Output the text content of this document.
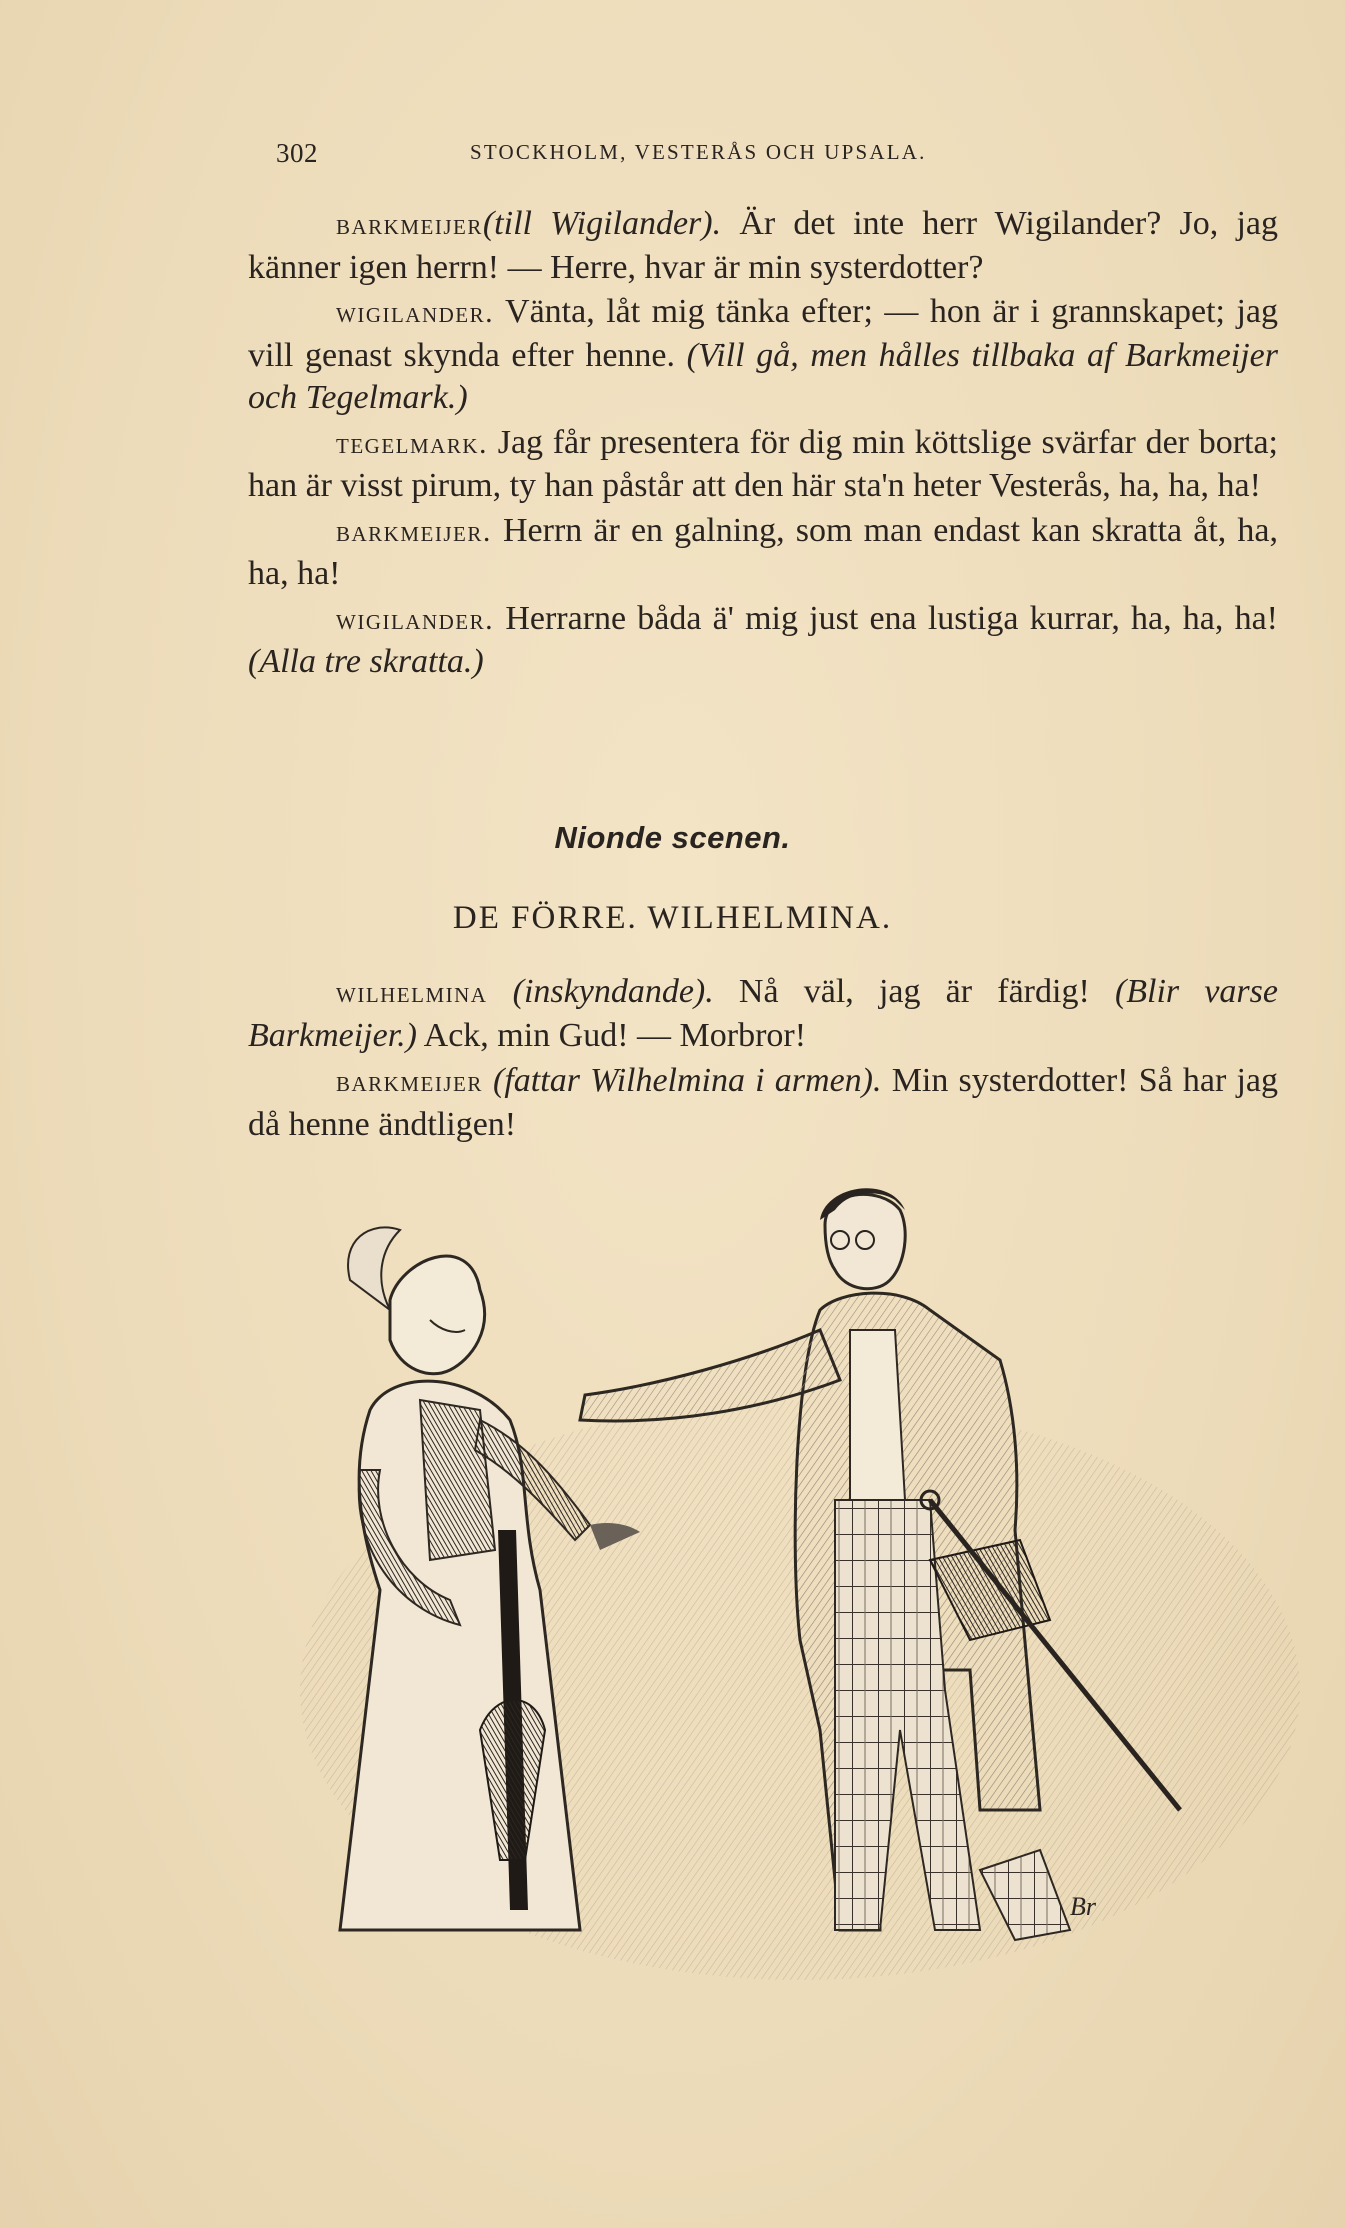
302	STOCKHOLM, VESTERÅS OCH UPSALA.
barkmeijer(till Wigilander). Är det inte herr Wigilander? Jo, jag känner igen herrn! — Herre, hvar är min systerdotter?
wigilander. Vänta, låt mig tänka efter; — hon är i grannskapet; jag vill genast skynda efter henne. (Vill gå, men hålles tillbaka af Barkmeijer och Tegelmark.)
tegelmark. Jag får presentera för dig min köttslige svärfar der borta; han är visst pirum, ty han påstår att den här sta'n heter Vesterås, ha, ha, ha!
barkmeijer. Herrn är en galning, som man endast kan skratta åt, ha, ha, ha!
wigilander. Herrarne båda ä' mig just ena lustiga kurrar, ha, ha, ha! (Alla tre skratta.)
Nionde scenen.
DE FÖRRE. WILHELMINA.
wilhelmina (inskyndande). Nå väl, jag är färdig! (Blir varse Barkmeijer.) Ack, min Gud! — Morbror!
barkmeijer (fattar Wilhelmina i armen). Min systerdotter! Så har jag då henne ändtligen!
Br
